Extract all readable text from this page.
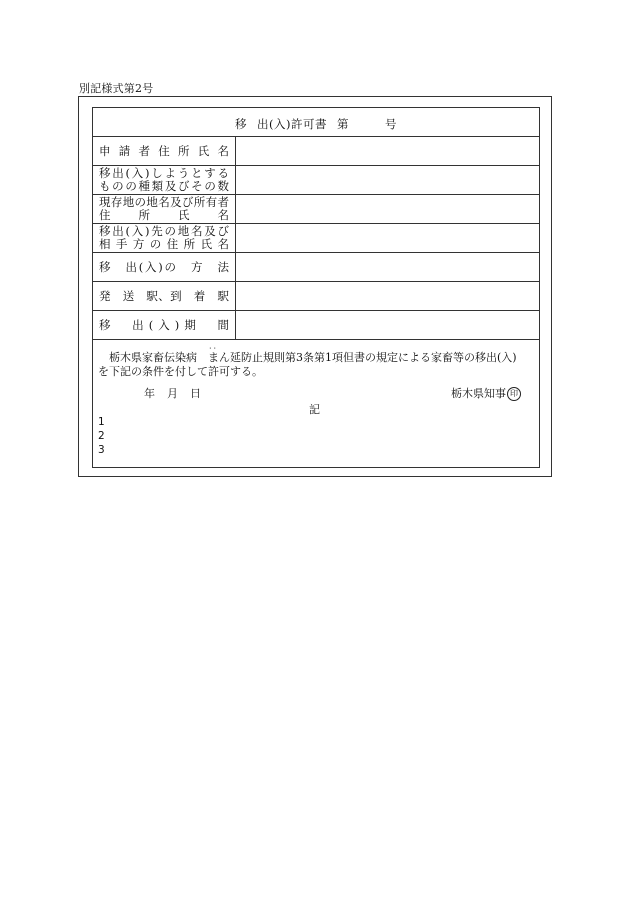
別記様式第2号
移 出(入)許可書 第	号
申 請 者 住 所 氏 名
移出(入)しようとする
ものの種類及びその数
現存地の地名及び所有者
住　所　氏　名
移出(入)先の地名及び
相手方の住所氏名
移　出(入)の　方　法
発　送　駅、到　着　駅
移　出(入)期　間

栃木県家畜伝染病‧‧ まん延防止規則第3条第1項但書の規定による家畜等の移出(入)

を下記の条件を付して許可する。

年 月 日	栃木県知事 印
記
1
2
3
